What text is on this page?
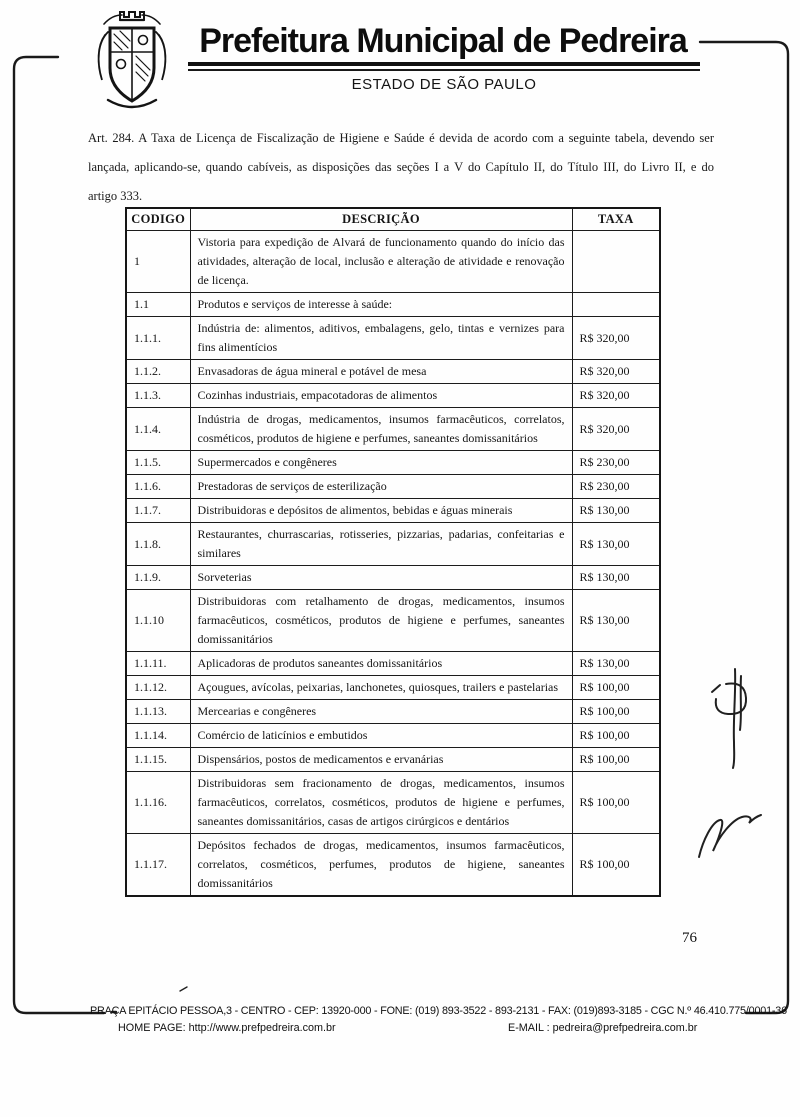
Prefeitura Municipal de Pedreira
ESTADO DE SÃO PAULO
Art. 284. A Taxa de Licença de Fiscalização de Higiene e Saúde é devida de acordo com a seguinte tabela, devendo ser
lançada, aplicando-se, quando cabíveis, as disposições das seções I a V do Capítulo II, do Título III, do Livro II, e do
artigo 333.
CODIGO	DESCRIÇÃO	TAXA
1	Vistoria para expedição de Alvará de funcionamento quando do início das atividades, alteração de local, inclusão e alteração de atividade e renovação de licença.	
1.1	Produtos e serviços de interesse à saúde:	
1.1.1.	Indústria de: alimentos, aditivos, embalagens, gelo, tintas e vernizes para fins alimentícios	R$ 320,00
1.1.2.	Envasadoras de água mineral e potável de mesa	R$ 320,00
1.1.3.	Cozinhas industriais, empacotadoras de alimentos	R$ 320,00
1.1.4.	Indústria de drogas, medicamentos, insumos farmacêuticos, correlatos, cosméticos, produtos de higiene e perfumes, saneantes domissanitários	R$ 320,00
1.1.5.	Supermercados e congêneres	R$ 230,00
1.1.6.	Prestadoras de serviços de esterilização	R$ 230,00
1.1.7.	Distribuidoras e depósitos de alimentos, bebidas e águas minerais	R$ 130,00
1.1.8.	Restaurantes, churrascarias, rotisseries, pizzarias, padarias, confeitarias e similares	R$ 130,00
1.1.9.	Sorveterias	R$ 130,00
1.1.10	Distribuidoras com retalhamento de drogas, medicamentos, insumos farmacêuticos, cosméticos, produtos de higiene e perfumes, saneantes domissanitários	R$ 130,00
1.1.11.	Aplicadoras de produtos saneantes domissanitários	R$ 130,00
1.1.12.	Açougues, avícolas, peixarias, lanchonetes, quiosques, trailers e pastelarias	R$ 100,00
1.1.13.	Mercearias e congêneres	R$ 100,00
1.1.14.	Comércio de laticínios e embutidos	R$ 100,00
1.1.15.	Dispensários, postos de medicamentos e ervanárias	R$ 100,00
1.1.16.	Distribuidoras sem fracionamento de drogas, medicamentos, insumos farmacêuticos, correlatos, cosméticos, produtos de higiene e perfumes, saneantes domissanitários, casas de artigos cirúrgicos e dentários	R$ 100,00
1.1.17.	Depósitos fechados de drogas, medicamentos, insumos farmacêuticos, correlatos, cosméticos, perfumes, produtos de higiene, saneantes domissanitários	R$ 100,00
76
PRAÇA EPITÁCIO PESSOA,3 - CENTRO - CEP: 13920-000 - FONE: (019) 893-3522 - 893-2131 - FAX: (019)893-3185 - CGC N.º 46.410.775/0001-36
HOME PAGE: http://www.prefpedreira.com.br	E-MAIL : pedreira@prefpedreira.com.br
